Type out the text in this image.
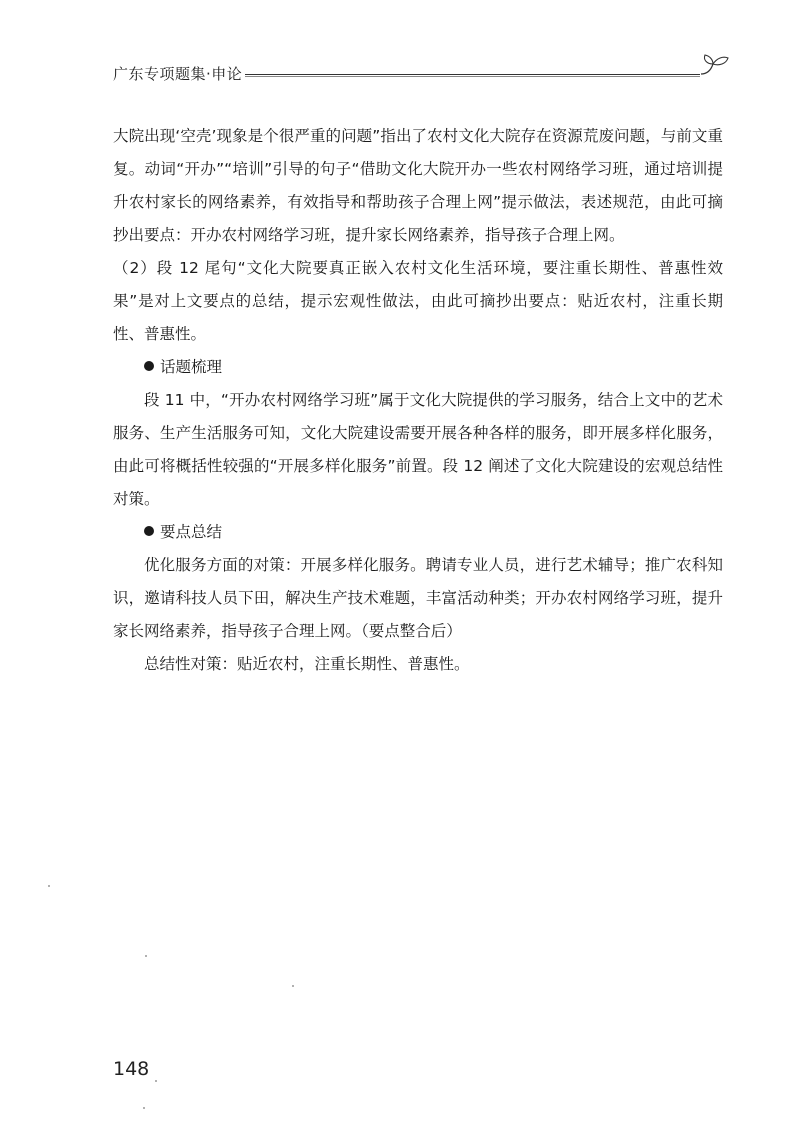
广东专项题集·申论

大院出现‘空壳’现象是个很严重的问题”指出了农村文化大院存在资源荒废问题，与前文重复。动词“开办”“培训”引导的句子“借助文化大院开办一些农村网络学习班，通过培训提升农村家长的网络素养，有效指导和帮助孩子合理上网”提示做法，表述规范，由此可摘抄出要点：开办农村网络学习班，提升家长网络素养，指导孩子合理上网。

（2）段 12 尾句“文化大院要真正嵌入农村文化生活环境，要注重长期性、普惠性效果”是对上文要点的总结，提示宏观性做法，由此可摘抄出要点：贴近农村，注重长期性、普惠性。

话题梳理

段 11 中，“开办农村网络学习班”属于文化大院提供的学习服务，结合上文中的艺术服务、生产生活服务可知，文化大院建设需要开展各种各样的服务，即开展多样化服务，由此可将概括性较强的“开展多样化服务”前置。段 12 阐述了文化大院建设的宏观总结性对策。

要点总结

优化服务方面的对策：开展多样化服务。聘请专业人员，进行艺术辅导；推广农科知识，邀请科技人员下田，解决生产技术难题，丰富活动种类；开办农村网络学习班，提升家长网络素养，指导孩子合理上网。（要点整合后）

总结性对策：贴近农村，注重长期性、普惠性。

148
